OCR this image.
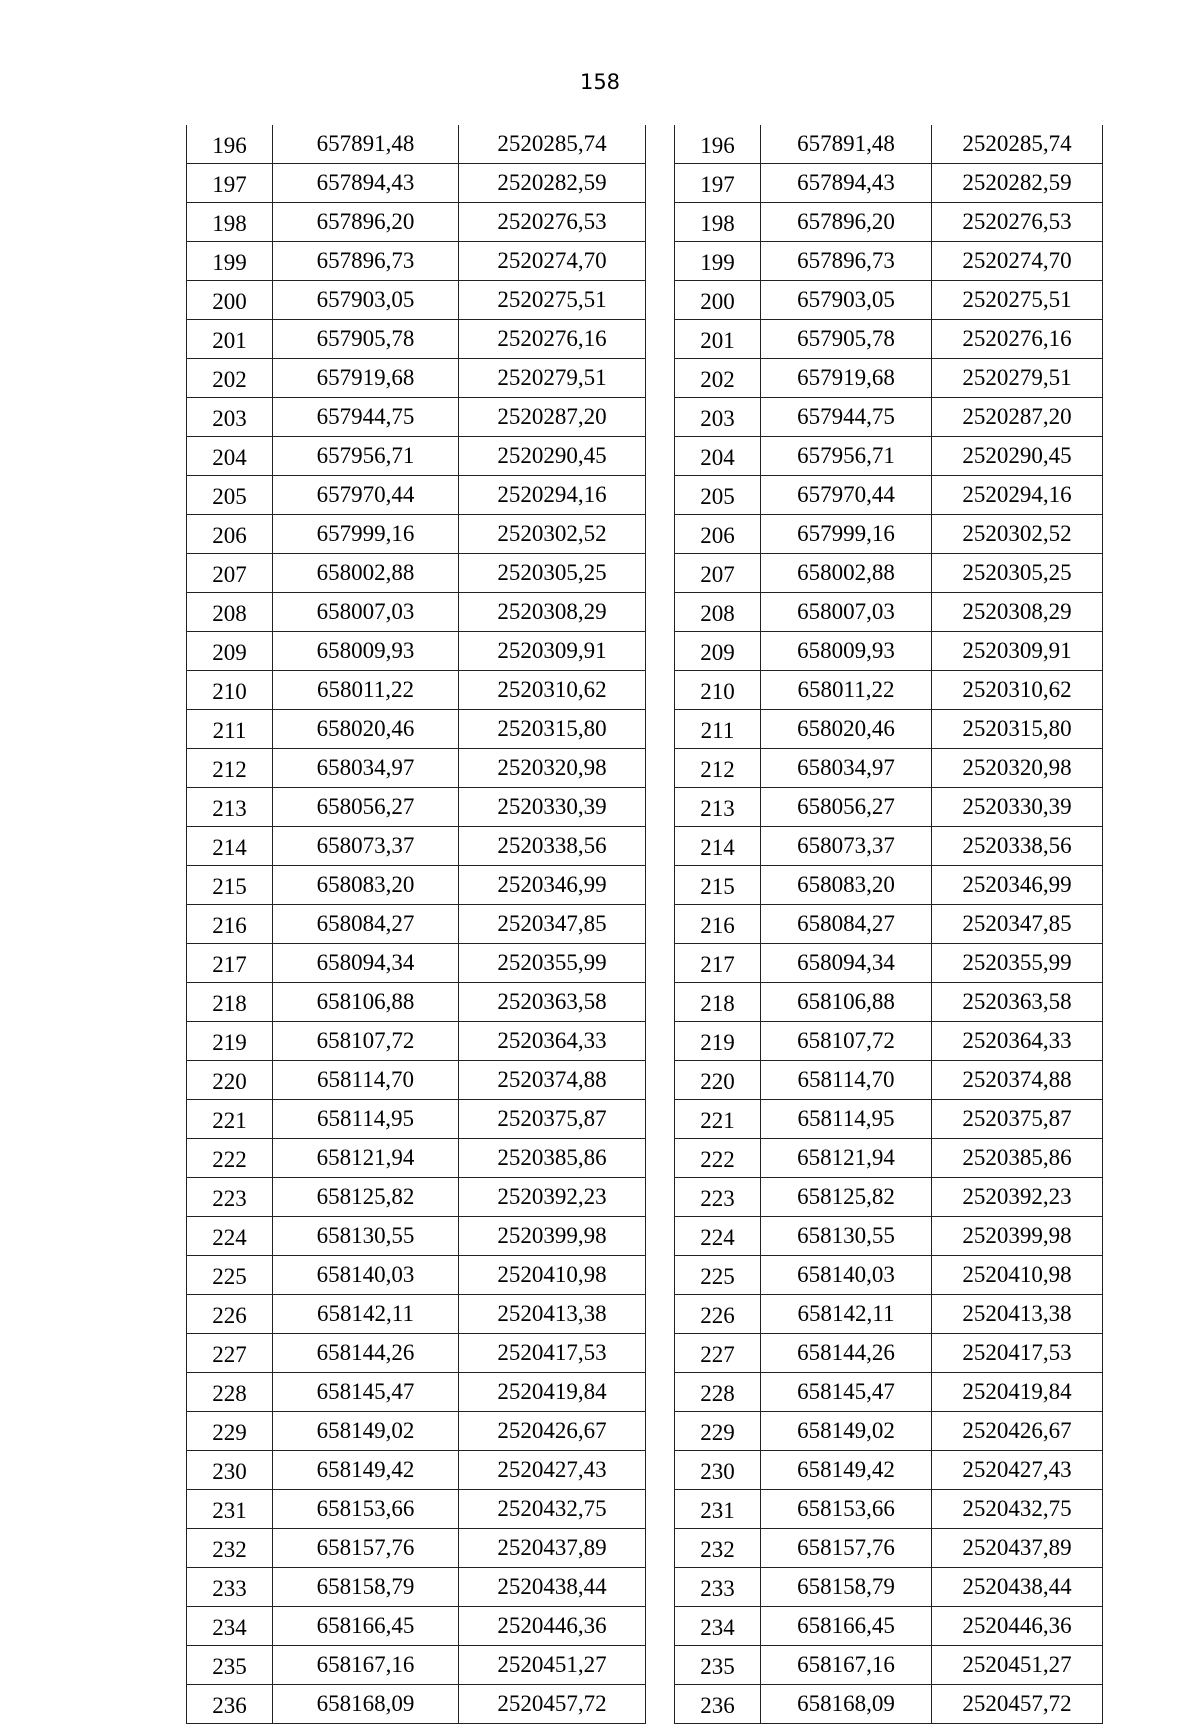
158
196	657891,48	2520285,74
197	657894,43	2520282,59
198	657896,20	2520276,53
199	657896,73	2520274,70
200	657903,05	2520275,51
201	657905,78	2520276,16
202	657919,68	2520279,51
203	657944,75	2520287,20
204	657956,71	2520290,45
205	657970,44	2520294,16
206	657999,16	2520302,52
207	658002,88	2520305,25
208	658007,03	2520308,29
209	658009,93	2520309,91
210	658011,22	2520310,62
211	658020,46	2520315,80
212	658034,97	2520320,98
213	658056,27	2520330,39
214	658073,37	2520338,56
215	658083,20	2520346,99
216	658084,27	2520347,85
217	658094,34	2520355,99
218	658106,88	2520363,58
219	658107,72	2520364,33
220	658114,70	2520374,88
221	658114,95	2520375,87
222	658121,94	2520385,86
223	658125,82	2520392,23
224	658130,55	2520399,98
225	658140,03	2520410,98
226	658142,11	2520413,38
227	658144,26	2520417,53
228	658145,47	2520419,84
229	658149,02	2520426,67
230	658149,42	2520427,43
231	658153,66	2520432,75
232	658157,76	2520437,89
233	658158,79	2520438,44
234	658166,45	2520446,36
235	658167,16	2520451,27
236	658168,09	2520457,72
196	657891,48	2520285,74
197	657894,43	2520282,59
198	657896,20	2520276,53
199	657896,73	2520274,70
200	657903,05	2520275,51
201	657905,78	2520276,16
202	657919,68	2520279,51
203	657944,75	2520287,20
204	657956,71	2520290,45
205	657970,44	2520294,16
206	657999,16	2520302,52
207	658002,88	2520305,25
208	658007,03	2520308,29
209	658009,93	2520309,91
210	658011,22	2520310,62
211	658020,46	2520315,80
212	658034,97	2520320,98
213	658056,27	2520330,39
214	658073,37	2520338,56
215	658083,20	2520346,99
216	658084,27	2520347,85
217	658094,34	2520355,99
218	658106,88	2520363,58
219	658107,72	2520364,33
220	658114,70	2520374,88
221	658114,95	2520375,87
222	658121,94	2520385,86
223	658125,82	2520392,23
224	658130,55	2520399,98
225	658140,03	2520410,98
226	658142,11	2520413,38
227	658144,26	2520417,53
228	658145,47	2520419,84
229	658149,02	2520426,67
230	658149,42	2520427,43
231	658153,66	2520432,75
232	658157,76	2520437,89
233	658158,79	2520438,44
234	658166,45	2520446,36
235	658167,16	2520451,27
236	658168,09	2520457,72
